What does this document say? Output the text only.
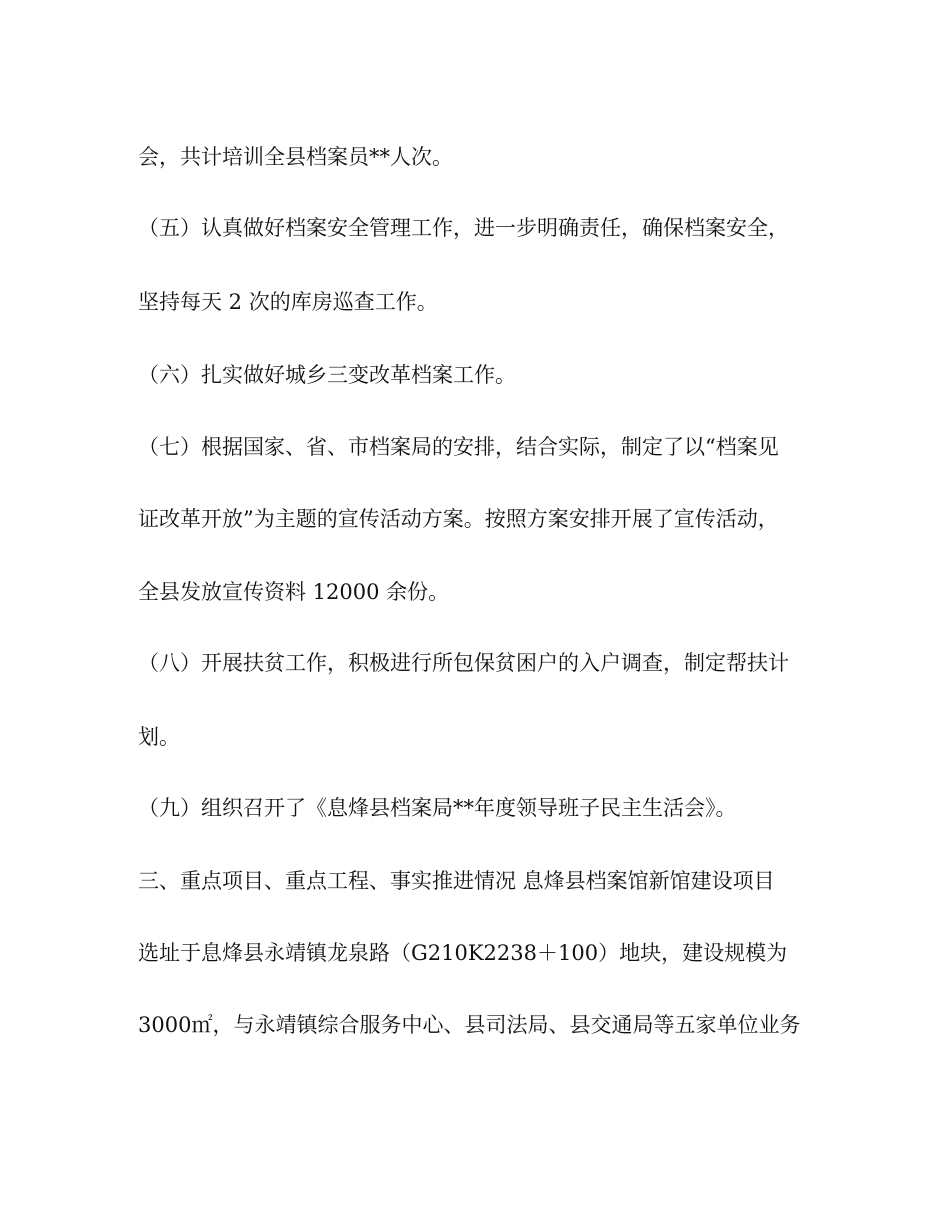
会，共计培训全县档案员**人次。
（五）认真做好档案安全管理工作，进一步明确责任，确保档案安全，
坚持每天 2 次的库房巡查工作。
（六）扎实做好城乡三变改革档案工作。
（七）根据国家、省、市档案局的安排，结合实际，制定了以“档案见
证改革开放”为主题的宣传活动方案。按照方案安排开展了宣传活动，
全县发放宣传资料 12000 余份。
（八）开展扶贫工作，积极进行所包保贫困户的入户调查，制定帮扶计
划。
（九）组织召开了《息烽县档案局**年度领导班子民主生活会》。
三、重点项目、重点工程、事实推进情况 息烽县档案馆新馆建设项目
选址于息烽县永靖镇龙泉路（G210K2238＋100）地块，建设规模为
3000㎡，与永靖镇综合服务中心、县司法局、县交通局等五家单位业务
